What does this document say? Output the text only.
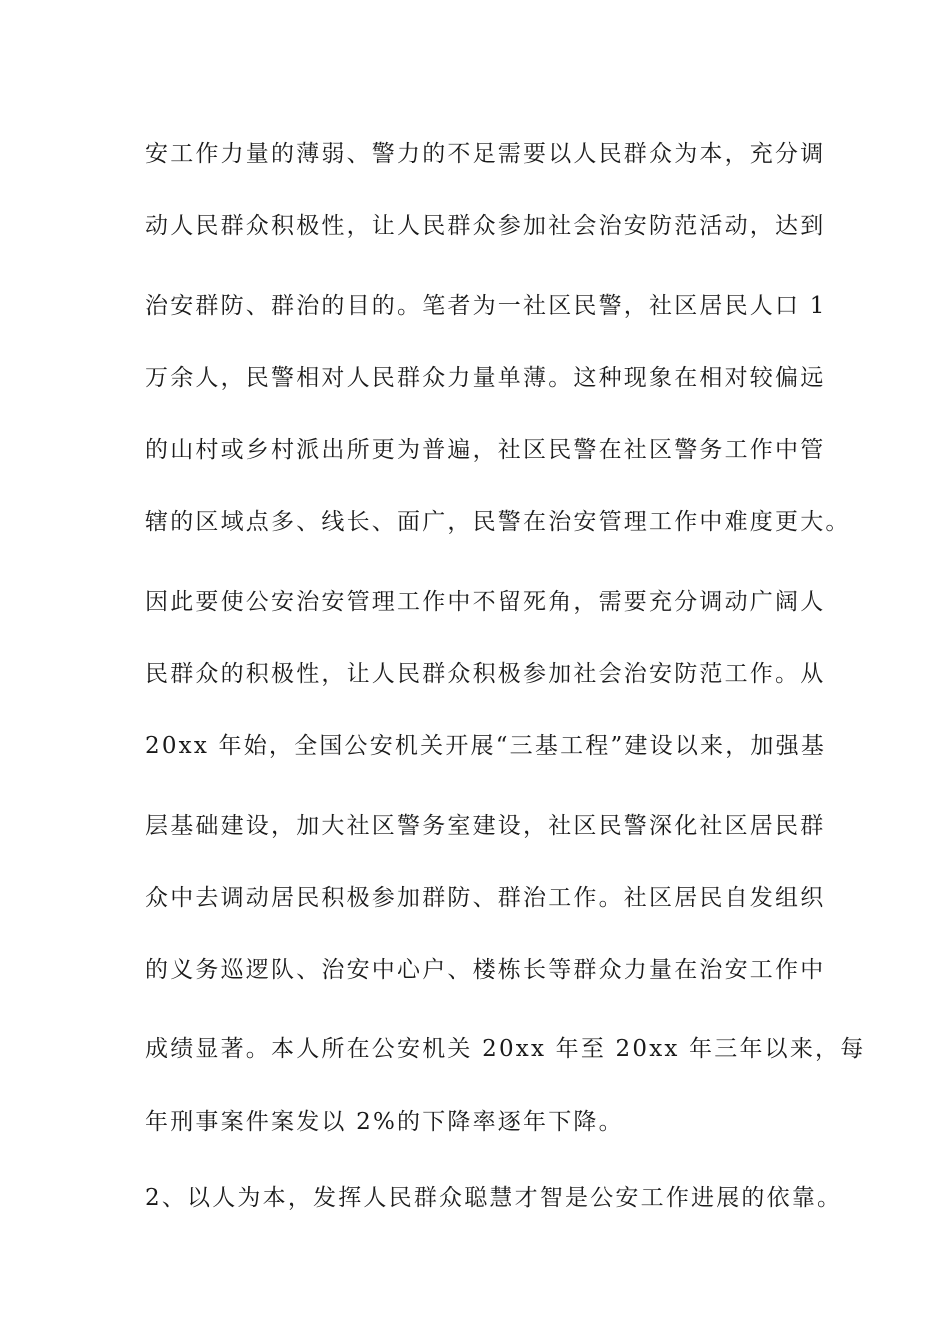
安工作力量的薄弱、警力的不足需要以人民群众为本，充分调
动人民群众积极性，让人民群众参加社会治安防范活动，达到
治安群防、群治的目的。笔者为一社区民警，社区居民人口 1
万余人，民警相对人民群众力量单薄。这种现象在相对较偏远
的山村或乡村派出所更为普遍，社区民警在社区警务工作中管
辖的区域点多、线长、面广，民警在治安管理工作中难度更大。
因此要使公安治安管理工作中不留死角，需要充分调动广阔人
民群众的积极性，让人民群众积极参加社会治安防范工作。从
20xx 年始，全国公安机关开展“三基工程”建设以来，加强基
层基础建设，加大社区警务室建设，社区民警深化社区居民群
众中去调动居民积极参加群防、群治工作。社区居民自发组织
的义务巡逻队、治安中心户、楼栋长等群众力量在治安工作中
成绩显著。本人所在公安机关 20xx 年至 20xx 年三年以来，每
年刑事案件案发以 2%的下降率逐年下降。
2、以人为本，发挥人民群众聪慧才智是公安工作进展的依靠。
